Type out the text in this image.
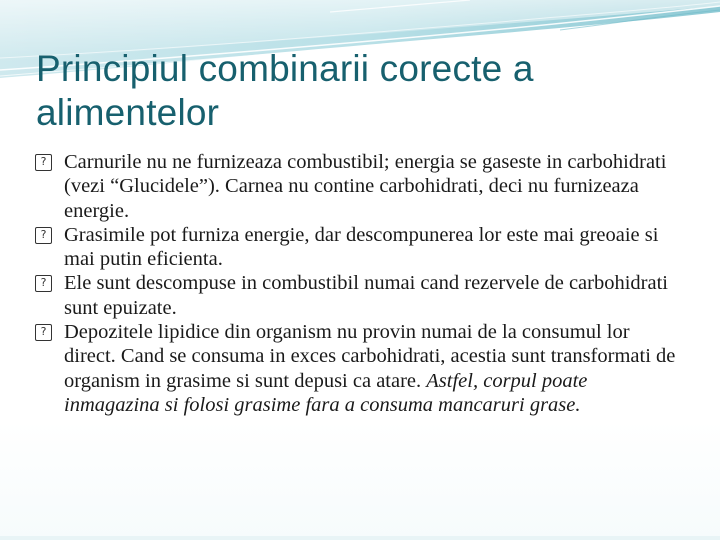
Principiul combinarii corecte a alimentelor
? Carnurile nu ne furnizeaza combustibil; energia se gaseste in carbohidrati (vezi “Glucidele”). Carnea nu contine carbohidrati, deci nu furnizeaza energie.
? Grasimile pot furniza energie, dar descompunerea lor este mai greoaie si mai putin eficienta.
? Ele sunt descompuse in combustibil numai cand rezervele de carbohidrati sunt epuizate.
? Depozitele lipidice din organism nu provin numai de la consumul lor direct. Cand se consuma in exces carbohidrati, acestia sunt transformati de organism in grasime si sunt depusi ca atare. Astfel, corpul poate inmagazina si folosi grasime fara a consuma mancaruri grase.
